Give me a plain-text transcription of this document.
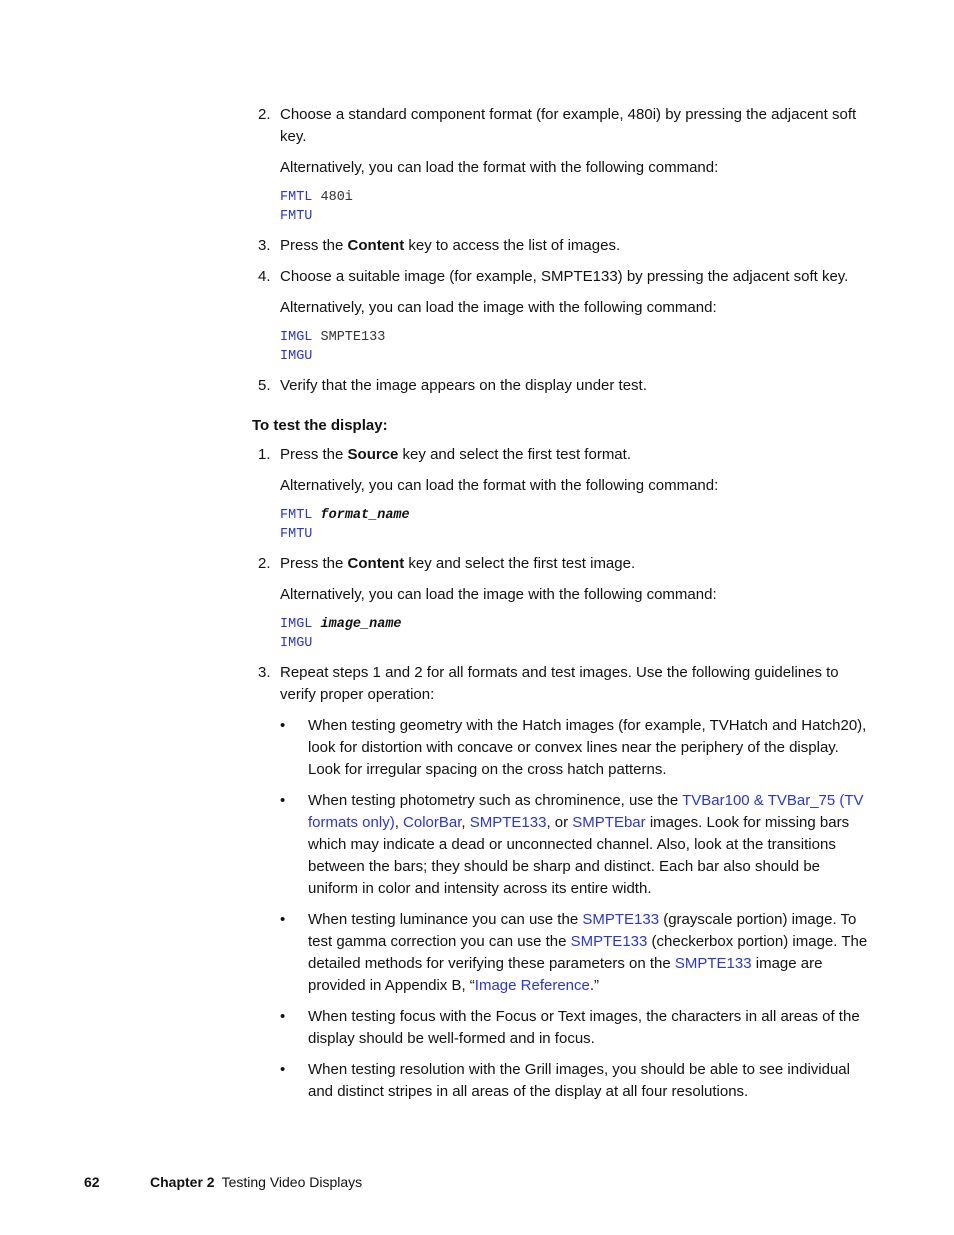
2. Choose a standard component format (for example, 480i) by pressing the adjacent soft key.

Alternatively, you can load the format with the following command:

FMTL 480i
FMTU
3. Press the Content key to access the list of images.
4. Choose a suitable image (for example, SMPTE133) by pressing the adjacent soft key.

Alternatively, you can load the image with the following command:

IMGL SMPTE133
IMGU
5. Verify that the image appears on the display under test.
To test the display:
1. Press the Source key and select the first test format.

Alternatively, you can load the format with the following command:

FMTL format_name
FMTU
2. Press the Content key and select the first test image.

Alternatively, you can load the image with the following command:

IMGL image_name
IMGU
3. Repeat steps 1 and 2 for all formats and test images. Use the following guidelines to verify proper operation:
• When testing geometry with the Hatch images (for example, TVHatch and Hatch20), look for distortion with concave or convex lines near the periphery of the display. Look for irregular spacing on the cross hatch patterns.
• When testing photometry such as chrominence, use the TVBar100 & TVBar_75 (TV formats only), ColorBar, SMPTE133, or SMPTEbar images. Look for missing bars which may indicate a dead or unconnected channel. Also, look at the transitions between the bars; they should be sharp and distinct. Each bar also should be uniform in color and intensity across its entire width.
• When testing luminance you can use the SMPTE133 (grayscale portion) image. To test gamma correction you can use the SMPTE133 (checkerbox portion) image. The detailed methods for verifying these parameters on the SMPTE133 image are provided in Appendix B, “Image Reference.”
• When testing focus with the Focus or Text images, the characters in all areas of the display should be well-formed and in focus.
• When testing resolution with the Grill images, you should be able to see individual and distinct stripes in all areas of the display at all four resolutions.
62	Chapter 2 Testing Video Displays
